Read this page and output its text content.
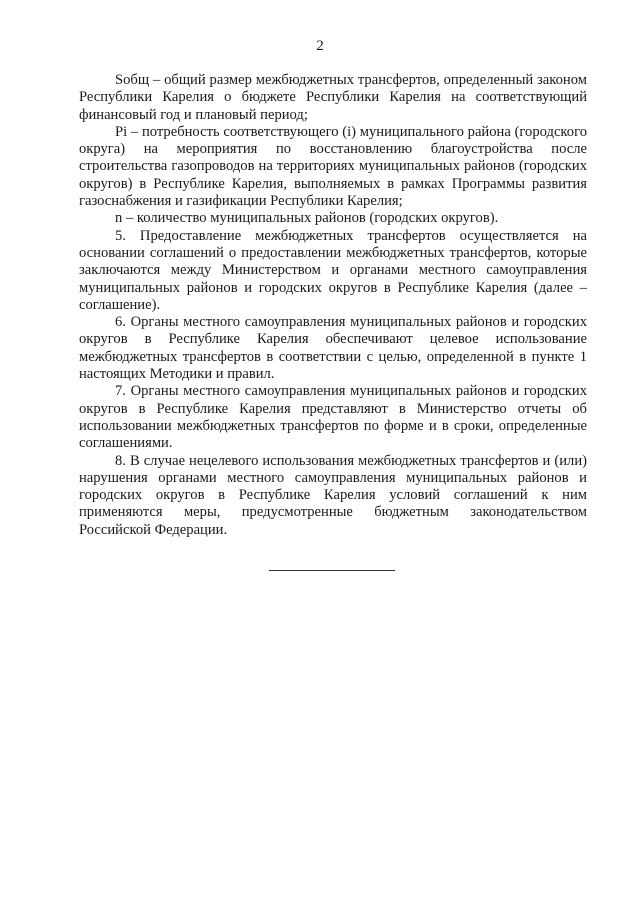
2

Sобщ – общий размер межбюджетных трансфертов, определенный законом Республики Карелия о бюджете Республики Карелия на соответствующий финансовый год и плановый период;

Pi – потребность соответствующего (i) муниципального района (городского округа) на мероприятия по восстановлению благоустройства после строительства газопроводов на территориях муниципальных районов (городских округов) в Республике Карелия, выполняемых в рамках Программы развития газоснабжения и газификации Республики Карелия;

n – количество муниципальных районов (городских округов).

5. Предоставление межбюджетных трансфертов осуществляется на основании соглашений о предоставлении межбюджетных трансфертов, которые заключаются между Министерством и органами местного самоуправления муниципальных районов и городских округов в Республике Карелия (далее – соглашение).

6. Органы местного самоуправления муниципальных районов и городских округов в Республике Карелия обеспечивают целевое использование межбюджетных трансфертов в соответствии с целью, определенной в пункте 1 настоящих Методики и правил.

7. Органы местного самоуправления муниципальных районов и городских округов в Республике Карелия представляют в Министерство отчеты об использовании межбюджетных трансфертов по форме и в сроки, определенные соглашениями.

8. В случае нецелевого использования межбюджетных трансфертов и (или) нарушения органами местного самоуправления муниципальных районов и городских округов в Республике Карелия условий соглашений к ним применяются меры, предусмотренные бюджетным законодательством Российской Федерации.
